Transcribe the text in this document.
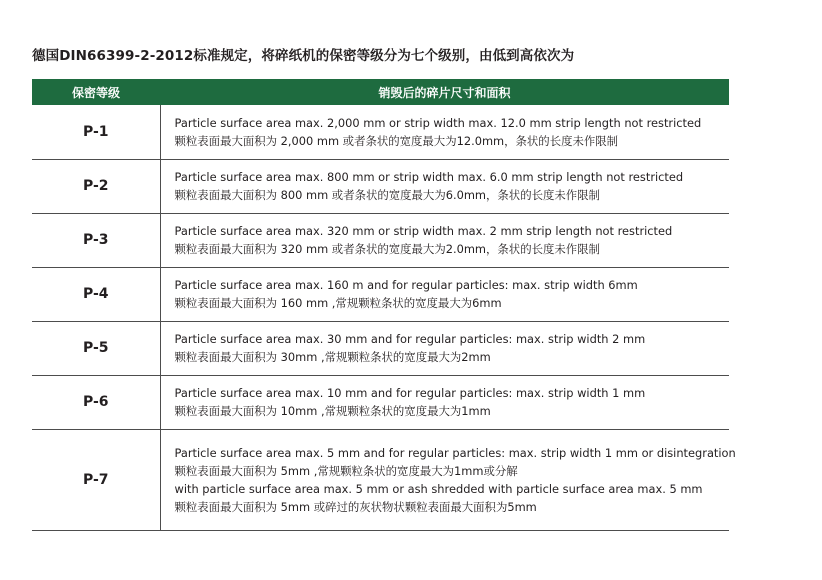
德国DIN66399-2-2012标准规定，将碎纸机的保密等级分为七个级别，由低到高依次为
保密等级	销毁后的碎片尺寸和面积
P-1	Particle surface area max. 2,000 mm or strip width max. 12.0 mm strip length not restricted
颗粒表面最大面积为 2,000 mm 或者条状的宽度最大为12.0mm，条状的长度未作限制

P-2	Particle surface area max. 800 mm or strip width max. 6.0 mm strip length not restricted
颗粒表面最大面积为 800 mm 或者条状的宽度最大为6.0mm，条状的长度未作限制

P-3	Particle surface area max. 320 mm or strip width max. 2 mm strip length not restricted
颗粒表面最大面积为 320 mm 或者条状的宽度最大为2.0mm，条状的长度未作限制

P-4	Particle surface area max. 160 m and for regular particles: max. strip width 6mm
颗粒表面最大面积为 160 mm ,常规颗粒条状的宽度最大为6mm

P-5	Particle surface area max. 30 mm and for regular particles: max. strip width 2 mm
颗粒表面最大面积为 30mm ,常规颗粒条状的宽度最大为2mm

P-6	Particle surface area max. 10 mm and for regular particles: max. strip width 1 mm
颗粒表面最大面积为 10mm ,常规颗粒条状的宽度最大为1mm

P-7	Particle surface area max. 5 mm and for regular particles: max. strip width 1 mm or disintegration
颗粒表面最大面积为 5mm ,常规颗粒条状的宽度最大为1mm或分解
with particle surface area max. 5 mm or ash shredded with particle surface area max. 5 mm
颗粒表面最大面积为 5mm 或碎过的灰状物状颗粒表面最大面积为5mm
